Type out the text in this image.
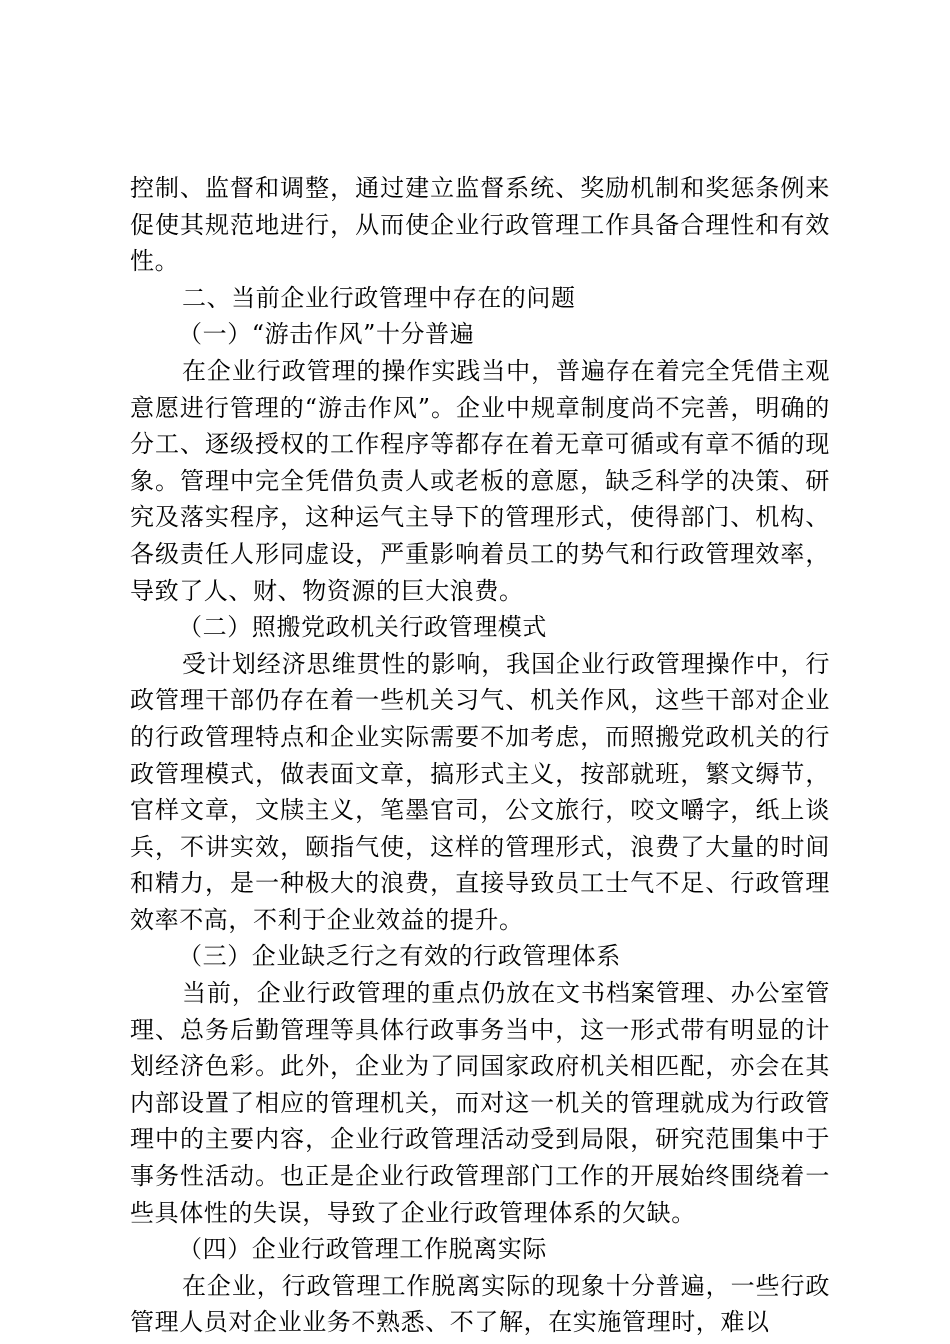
控制、监督和调整，通过建立监督系统、奖励机制和奖惩条例来促使其规范地进行，从而使企业行政管理工作具备合理性和有效性。

二、当前企业行政管理中存在的问题

（一）“游击作风”十分普遍

在企业行政管理的操作实践当中，普遍存在着完全凭借主观意愿进行管理的“游击作风”。企业中规章制度尚不完善，明确的分工、逐级授权的工作程序等都存在着无章可循或有章不循的现象。管理中完全凭借负责人或老板的意愿，缺乏科学的决策、研究及落实程序，这种运气主导下的管理形式，使得部门、机构、各级责任人形同虚设，严重影响着员工的势气和行政管理效率，导致了人、财、物资源的巨大浪费。

（二）照搬党政机关行政管理模式

受计划经济思维贯性的影响，我国企业行政管理操作中，行政管理干部仍存在着一些机关习气、机关作风，这些干部对企业的行政管理特点和企业实际需要不加考虑，而照搬党政机关的行政管理模式，做表面文章，搞形式主义，按部就班，繁文缛节，官样文章，文牍主义，笔墨官司，公文旅行，咬文嚼字，纸上谈兵，不讲实效，颐指气使，这样的管理形式，浪费了大量的时间和精力，是一种极大的浪费，直接导致员工士气不足、行政管理效率不高，不利于企业效益的提升。

（三）企业缺乏行之有效的行政管理体系

当前，企业行政管理的重点仍放在文书档案管理、办公室管理、总务后勤管理等具体行政事务当中，这一形式带有明显的计划经济色彩。此外，企业为了同国家政府机关相匹配，亦会在其内部设置了相应的管理机关，而对这一机关的管理就成为行政管理中的主要内容，企业行政管理活动受到局限，研究范围集中于事务性活动。也正是企业行政管理部门工作的开展始终围绕着一些具体性的失误，导致了企业行政管理体系的欠缺。

（四）企业行政管理工作脱离实际

在企业，行政管理工作脱离实际的现象十分普遍，一些行政管理人员对企业业务不熟悉、不了解，在实施管理时，难以
